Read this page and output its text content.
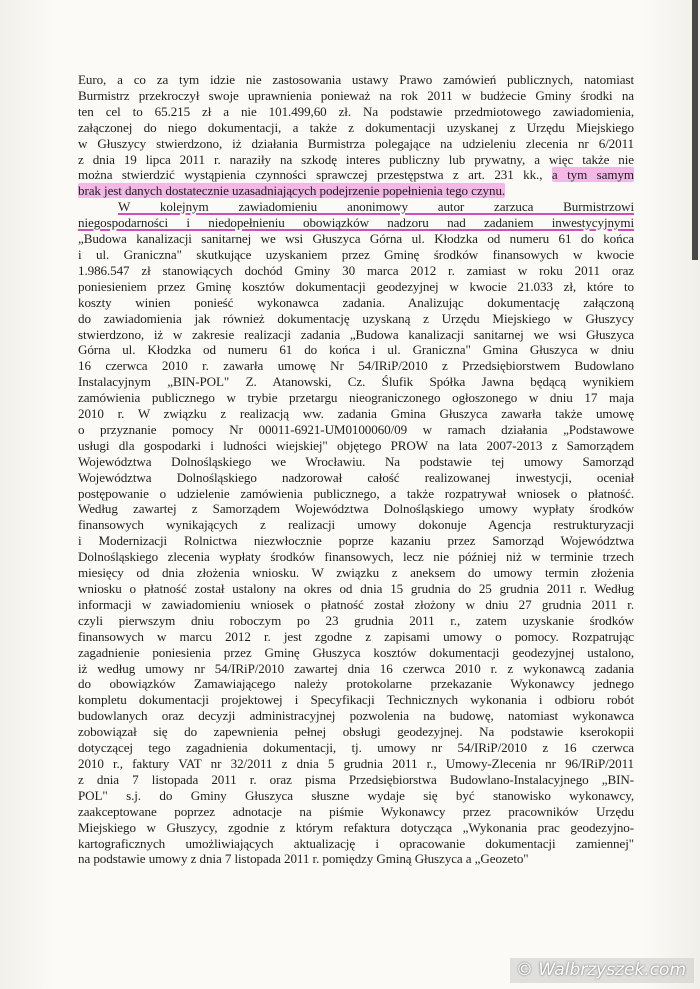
Euro, a co za tym idzie nie zastosowania ustawy Prawo zamówień publicznych, natomiast
Burmistrz przekroczył swoje uprawnienia ponieważ na rok 2011 w budżecie Gminy środki na
ten cel to 65.215 zł a nie 101.499,60 zł. Na podstawie przedmiotowego zawiadomienia,
załączonej do niego dokumentacji, a także z dokumentacji uzyskanej z Urzędu Miejskiego
w Głuszycy stwierdzono, iż działania Burmistrza polegające na udzieleniu zlecenia nr 6/2011
z dnia 19 lipca 2011 r. naraziły na szkodę interes publiczny lub prywatny, a więc także nie
można stwierdzić wystąpienia czynności sprawczej przestępstwa z art. 231 kk., a tym samym
brak jest danych dostatecznie uzasadniających podejrzenie popełnienia tego czynu.
W kolejnym zawiadomieniu anonimowy autor zarzuca Burmistrzowi
niegospodarności i niedopełnieniu obowiązków nadzoru nad zadaniem inwestycyjnymi
„Budowa kanalizacji sanitarnej we wsi Głuszyca Górna ul. Kłodzka od numeru 61 do końca
i ul. Graniczna" skutkujące uzyskaniem przez Gminę środków finansowych w kwocie
1.986.547 zł stanowiących dochód Gminy 30 marca 2012 r. zamiast w roku 2011 oraz
poniesieniem przez Gminę kosztów dokumentacji geodezyjnej w kwocie 21.033 zł, które to
koszty winien ponieść wykonawca zadania. Analizując dokumentację załączoną
do zawiadomienia jak również dokumentację uzyskaną z Urzędu Miejskiego w Głuszycy
stwierdzono, iż w zakresie realizacji zadania „Budowa kanalizacji sanitarnej we wsi Głuszyca
Górna ul. Kłodzka od numeru 61 do końca i ul. Graniczna" Gmina Głuszyca w dniu
16 czerwca 2010 r. zawarła umowę Nr 54/IRiP/2010 z Przedsiębiorstwem Budowlano
Instalacyjnym „BIN-POL" Z. Atanowski, Cz. Ślufik Spółka Jawna będącą wynikiem
zamówienia publicznego w trybie przetargu nieograniczonego ogłoszonego w dniu 17 maja
2010 r. W związku z realizacją ww. zadania Gmina Głuszyca zawarła także umowę
o przyznanie pomocy Nr 00011-6921-UM0100060/09 w ramach działania „Podstawowe
usługi dla gospodarki i ludności wiejskiej" objętego PROW na lata 2007-2013 z Samorządem
Województwa Dolnośląskiego we Wrocławiu. Na podstawie tej umowy Samorząd
Województwa Dolnośląskiego nadzorował całość realizowanej inwestycji, oceniał
postępowanie o udzielenie zamówienia publicznego, a także rozpatrywał wniosek o płatność.
Według zawartej z Samorządem Województwa Dolnośląskiego umowy wypłaty środków
finansowych wynikających z realizacji umowy dokonuje Agencja restrukturyzacji
i Modernizacji Rolnictwa niezwłocznie poprze kazaniu przez Samorząd Województwa
Dolnośląskiego zlecenia wypłaty środków finansowych, lecz nie później niż w terminie trzech
miesięcy od dnia złożenia wniosku. W związku z aneksem do umowy termin złożenia
wniosku o płatność został ustalony na okres od dnia 15 grudnia do 25 grudnia 2011 r. Według
informacji w zawiadomieniu wniosek o płatność został złożony w dniu 27 grudnia 2011 r.
czyli pierwszym dniu roboczym po 23 grudnia 2011 r., zatem uzyskanie środków
finansowych w marcu 2012 r. jest zgodne z zapisami umowy o pomocy. Rozpatrując
zagadnienie poniesienia przez Gminę Głuszyca kosztów dokumentacji geodezyjnej ustalono,
iż według umowy nr 54/IRiP/2010 zawartej dnia 16 czerwca 2010 r. z wykonawcą zadania
do obowiązków Zamawiającego należy protokolarne przekazanie Wykonawcy jednego
kompletu dokumentacji projektowej i Specyfikacji Technicznych wykonania i odbioru robót
budowlanych oraz decyzji administracyjnej pozwolenia na budowę, natomiast wykonawca
zobowiązał się do zapewnienia pełnej obsługi geodezyjnej. Na podstawie kserokopii
dotyczącej tego zagadnienia dokumentacji, tj. umowy nr 54/IRiP/2010 z 16 czerwca
2010 r., faktury VAT nr 32/2011 z dnia 5 grudnia 2011 r., Umowy-Zlecenia nr 96/IRiP/2011
z dnia 7 listopada 2011 r. oraz pisma Przedsiębiorstwa Budowlano-Instalacyjnego „BIN-
POL" s.j. do Gminy Głuszyca słuszne wydaje się być stanowisko wykonawcy,
zaakceptowane poprzez adnotacje na piśmie Wykonawcy przez pracowników Urzędu
Miejskiego w Głuszycy, zgodnie z którym refaktura dotycząca „Wykonania prac geodezyjno-
kartograficznych umożliwiających aktualizację i opracowanie dokumentacji zamiennej"
na podstawie umowy z dnia 7 listopada 2011 r. pomiędzy Gminą Głuszyca a „Geozeto"
© Walbrzyszek.com
